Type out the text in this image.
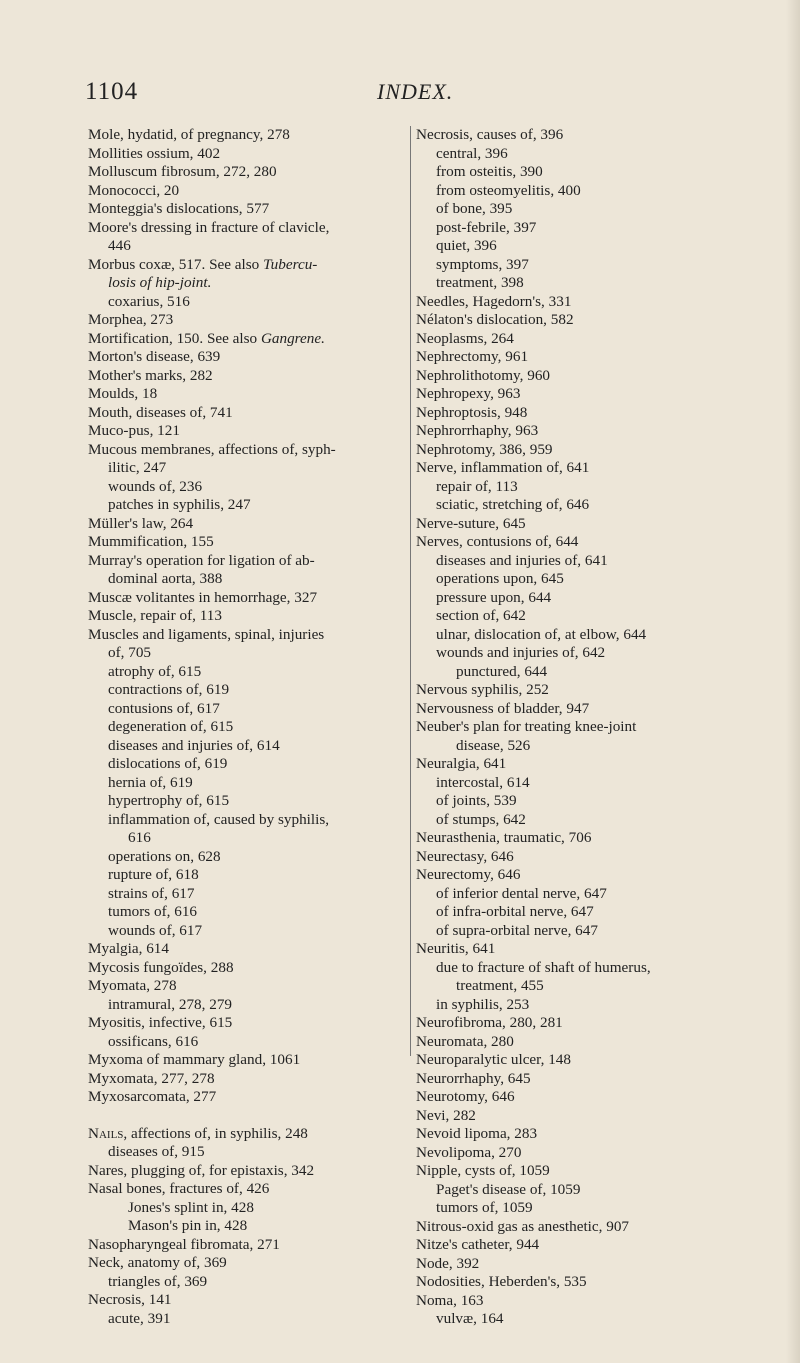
1104	INDEX.

Mole, hydatid, of pregnancy, 278

Mollities ossium, 402

Molluscum fibrosum, 272, 280

Monococci, 20

Monteggia's dislocations, 577

Moore's dressing in fracture of clavicle,

446

Morbus coxæ, 517. See also Tubercu-

losis of hip-joint.

coxarius, 516

Morphea, 273

Mortification, 150. See also Gangrene.

Morton's disease, 639

Mother's marks, 282

Moulds, 18

Mouth, diseases of, 741

Muco-pus, 121

Mucous membranes, affections of, syph-

ilitic, 247

wounds of, 236

patches in syphilis, 247

Müller's law, 264

Mummification, 155

Murray's operation for ligation of ab-

dominal aorta, 388

Muscæ volitantes in hemorrhage, 327

Muscle, repair of, 113

Muscles and ligaments, spinal, injuries

of, 705

atrophy of, 615

contractions of, 619

contusions of, 617

degeneration of, 615

diseases and injuries of, 614

dislocations of, 619

hernia of, 619

hypertrophy of, 615

inflammation of, caused by syphilis,

616

operations on, 628

rupture of, 618

strains of, 617

tumors of, 616

wounds of, 617

Myalgia, 614

Mycosis fungoïdes, 288

Myomata, 278

intramural, 278, 279

Myositis, infective, 615

ossificans, 616

Myxoma of mammary gland, 1061

Myxomata, 277, 278

Myxosarcomata, 277

Nails, affections of, in syphilis, 248

diseases of, 915

Nares, plugging of, for epistaxis, 342

Nasal bones, fractures of, 426

Jones's splint in, 428

Mason's pin in, 428

Nasopharyngeal fibromata, 271

Neck, anatomy of, 369

triangles of, 369

Necrosis, 141

acute, 391

Necrosis, causes of, 396

central, 396

from osteitis, 390

from osteomyelitis, 400

of bone, 395

post-febrile, 397

quiet, 396

symptoms, 397

treatment, 398

Needles, Hagedorn's, 331

Nélaton's dislocation, 582

Neoplasms, 264

Nephrectomy, 961

Nephrolithotomy, 960

Nephropexy, 963

Nephroptosis, 948

Nephrorrhaphy, 963

Nephrotomy, 386, 959

Nerve, inflammation of, 641

repair of, 113

sciatic, stretching of, 646

Nerve-suture, 645

Nerves, contusions of, 644

diseases and injuries of, 641

operations upon, 645

pressure upon, 644

section of, 642

ulnar, dislocation of, at elbow, 644

wounds and injuries of, 642

punctured, 644

Nervous syphilis, 252

Nervousness of bladder, 947

Neuber's plan for treating knee-joint

disease, 526

Neuralgia, 641

intercostal, 614

of joints, 539

of stumps, 642

Neurasthenia, traumatic, 706

Neurectasy, 646

Neurectomy, 646

of inferior dental nerve, 647

of infra-orbital nerve, 647

of supra-orbital nerve, 647

Neuritis, 641

due to fracture of shaft of humerus,

treatment, 455

in syphilis, 253

Neurofibroma, 280, 281

Neuromata, 280

Neuroparalytic ulcer, 148

Neurorrhaphy, 645

Neurotomy, 646

Nevi, 282

Nevoid lipoma, 283

Nevolipoma, 270

Nipple, cysts of, 1059

Paget's disease of, 1059

tumors of, 1059

Nitrous-oxid gas as anesthetic, 907

Nitze's catheter, 944

Node, 392

Nodosities, Heberden's, 535

Noma, 163

vulvæ, 164
